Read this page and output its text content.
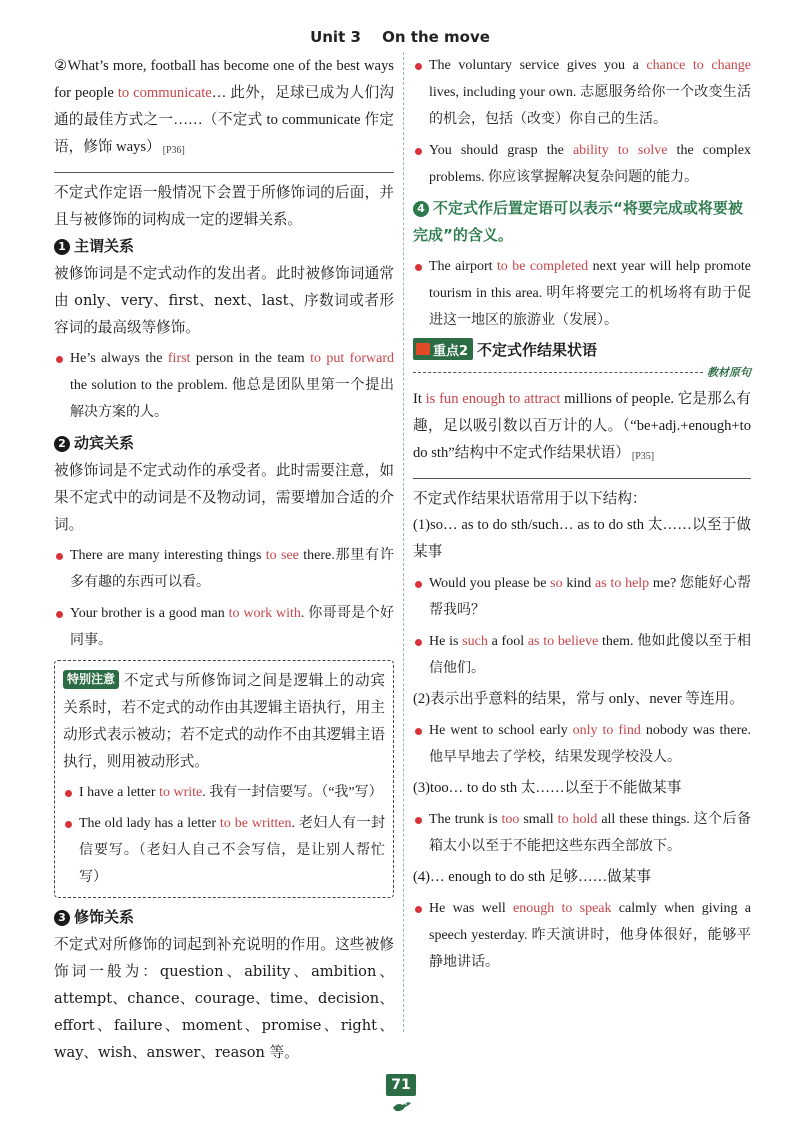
Unit 3 On the move

②What’s more, football has become one of the best ways for people to communicate… 此外，足球已成为人们沟通的最佳方式之一……（不定式 to communicate 作定语，修饰 ways） [P36]

不定式作定语一般情况下会置于所修饰词的后面，并且与被修饰的词构成一定的逻辑关系。

1 主谓关系

被修饰词是不定式动作的发出者。此时被修饰词通常由 only、very、first、next、last、序数词或者形容词的最高级等修饰。

He’s always the first person in the team to put forward the solution to the problem. 他总是团队里第一个提出解决方案的人。

2 动宾关系

被修饰词是不定式动作的承受者。此时需要注意，如果不定式中的动词是不及物动词，需要增加合适的介词。

There are many interesting things to see there.那里有许多有趣的东西可以看。

Your brother is a good man to work with. 你哥哥是个好同事。

特别注意 不定式与所修饰词之间是逻辑上的动宾关系时，若不定式的动作由其逻辑主语执行，用主动形式表示被动；若不定式的动作不由其逻辑主语执行，则用被动形式。

I have a letter to write. 我有一封信要写。（“我”写）

The old lady has a letter to be written. 老妇人有一封信要写。（老妇人自己不会写信，是让别人帮忙写）

3 修饰关系

不定式对所修饰的词起到补充说明的作用。这些被修饰词一般为：question、ability、ambition、attempt、chance、courage、time、decision、effort、failure、moment、promise、right、way、wish、answer、reason 等。

The voluntary service gives you a chance to change lives, including your own. 志愿服务给你一个改变生活的机会，包括（改变）你自己的生活。

You should grasp the ability to solve the complex problems. 你应该掌握解决复杂问题的能力。

4 不定式作后置定语可以表示“将要完成或将要被完成”的含义。

The airport to be completed next year will help promote tourism in this area. 明年将要完工的机场将有助于促进这一地区的旅游业（发展）。

重点2 不定式作结果状语
教材原句

It is fun enough to attract millions of people. 它是那么有趣，足以吸引数以百万计的人。（“be+adj.+enough+to do sth”结构中不定式作结果状语） [P35]

不定式作结果状语常用于以下结构：

(1)so… as to do sth/such… as to do sth 太……以至于做某事

Would you please be so kind as to help me? 您能好心帮帮我吗？

He is such a fool as to believe them. 他如此傻以至于相信他们。

(2)表示出乎意料的结果，常与 only、never 等连用。

He went to school early only to find nobody was there. 他早早地去了学校，结果发现学校没人。

(3)too… to do sth 太……以至于不能做某事

The trunk is too small to hold all these things. 这个后备箱太小以至于不能把这些东西全部放下。

(4)… enough to do sth 足够……做某事

He was well enough to speak calmly when giving a speech yesterday. 昨天演讲时，他身体很好，能够平静地讲话。

71
